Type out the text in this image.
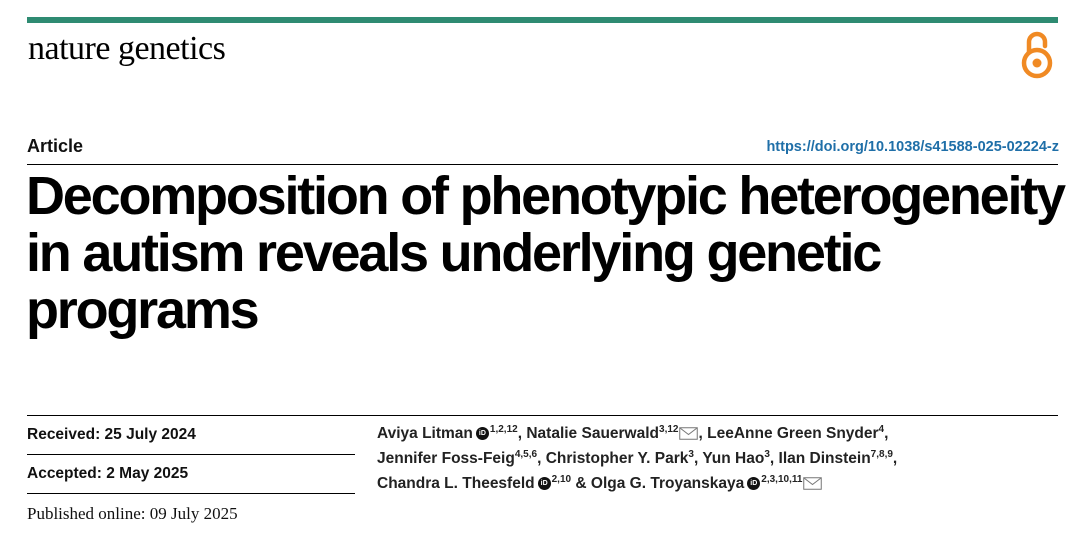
nature genetics
Article	https://doi.org/10.1038/s41588-025-02224-z
Decomposition of phenotypic heterogeneity in autism reveals underlying genetic programs
Received: 25 July 2024
Accepted: 2 May 2025
Published online: 09 July 2025
Aviya Litman iD $^{1,2,12}$, Natalie Sauerwald$^{3,12}$ , LeeAnne Green Snyder$^4$, Jennifer Foss-Feig$^{4,5,6}$, Christopher Y. Park$^3$, Yun Hao$^3$, Ilan Dinstein$^{7,8,9}$, Chandra L. Theesfeld iD $^{2,10}$ & Olga G. Troyanskaya iD $^{2,3,10,11}$
